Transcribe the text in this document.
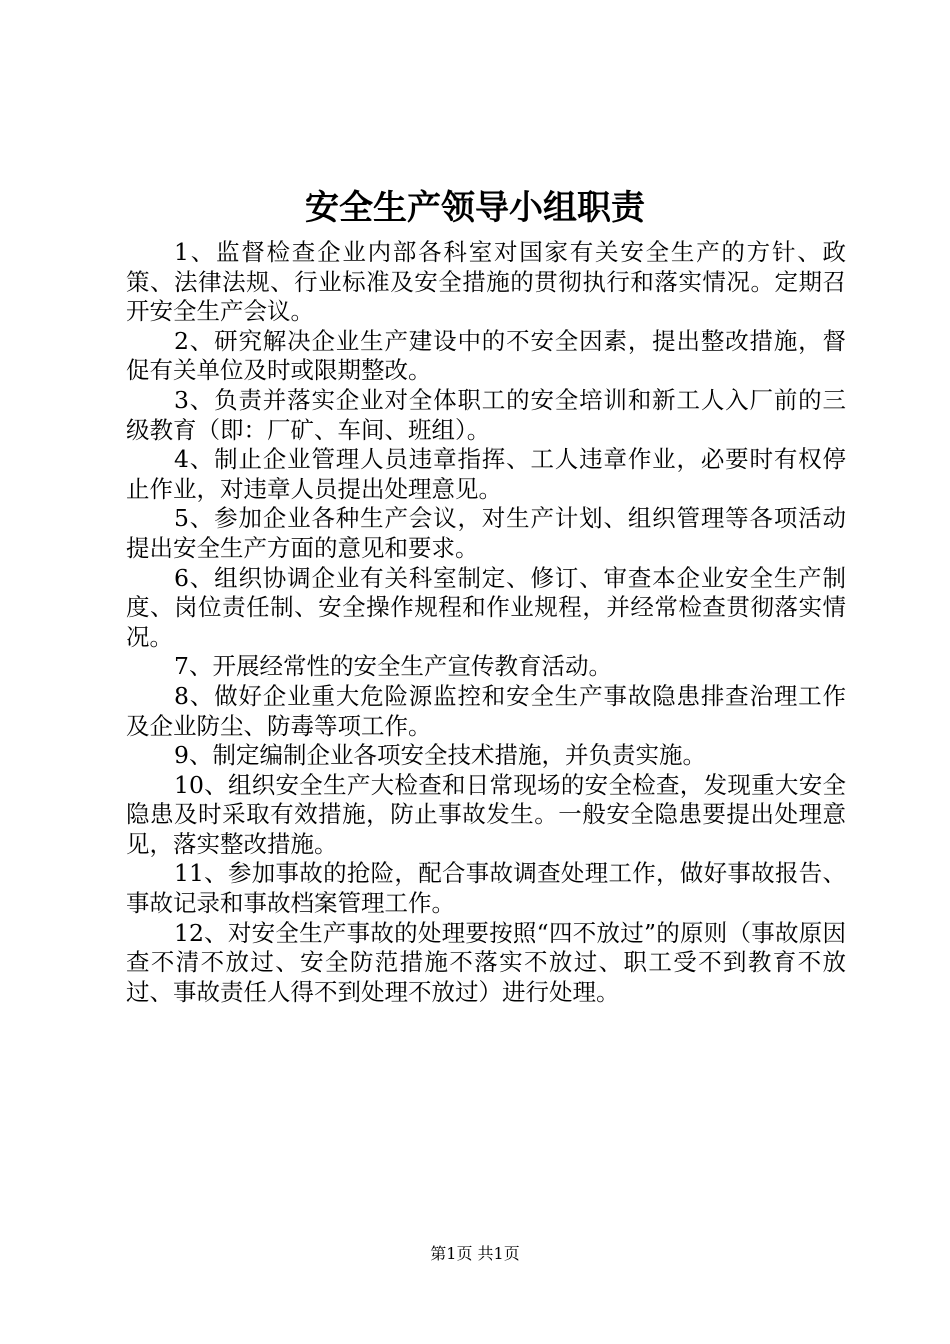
安全生产领导小组职责

1、监督检查企业内部各科室对国家有关安全生产的方针、政策、法律法规、行业标准及安全措施的贯彻执行和落实情况。定期召开安全生产会议。

2、研究解决企业生产建设中的不安全因素，提出整改措施，督促有关单位及时或限期整改。

3、负责并落实企业对全体职工的安全培训和新工人入厂前的三级教育（即：厂矿、车间、班组）。

4、制止企业管理人员违章指挥、工人违章作业，必要时有权停止作业，对违章人员提出处理意见。

5、参加企业各种生产会议，对生产计划、组织管理等各项活动提出安全生产方面的意见和要求。

6、组织协调企业有关科室制定、修订、审查本企业安全生产制度、岗位责任制、安全操作规程和作业规程，并经常检查贯彻落实情况。

7、开展经常性的安全生产宣传教育活动。

8、做好企业重大危险源监控和安全生产事故隐患排查治理工作及企业防尘、防毒等项工作。

9、制定编制企业各项安全技术措施，并负责实施。

10、组织安全生产大检查和日常现场的安全检查，发现重大安全隐患及时采取有效措施，防止事故发生。一般安全隐患要提出处理意见，落实整改措施。

11、参加事故的抢险，配合事故调查处理工作，做好事故报告、事故记录和事故档案管理工作。

12、对安全生产事故的处理要按照“四不放过”的原则（事故原因查不清不放过、安全防范措施不落实不放过、职工受不到教育不放过、事故责任人得不到处理不放过）进行处理。

第1页 共1页
